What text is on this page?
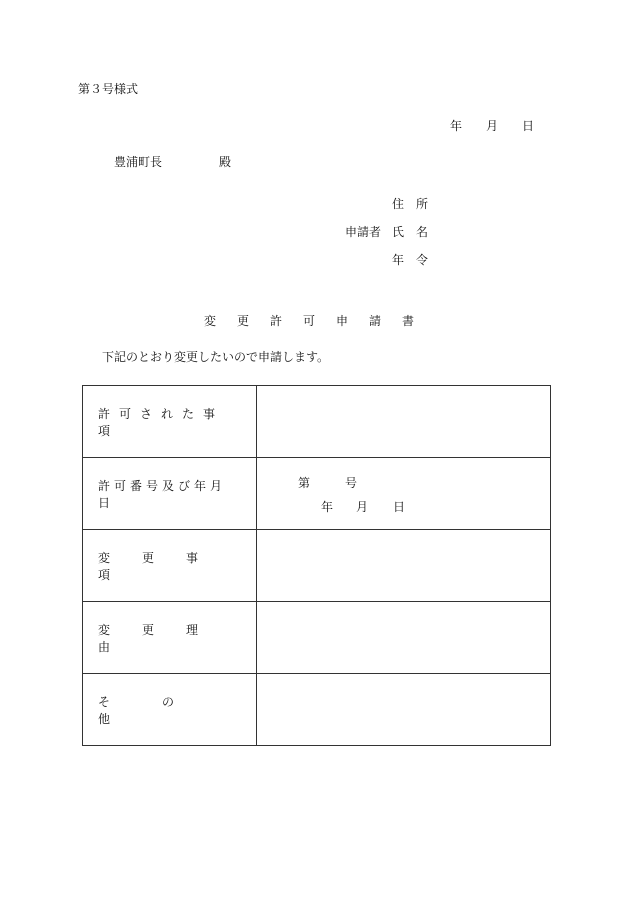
第３号様式
年 月 日
豊浦町長	殿
住所
申請者 氏名
年令
変更許可申請書
下記のとおり変更したいので申請します。
許可された事項	

許可番号及び年月日	第 号
年 月 日

変更事項	

変更理由	

その他	
